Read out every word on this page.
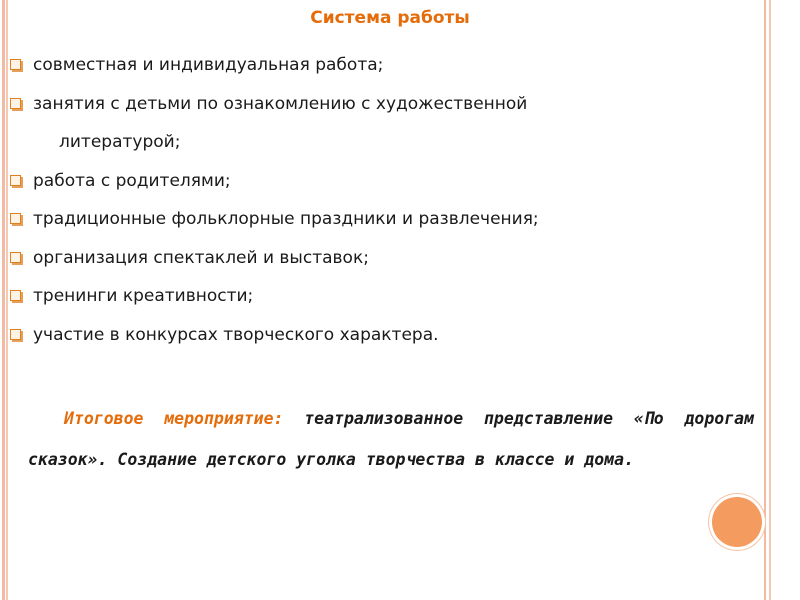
Система работы
совместная и индивидуальная работа;
занятия с детьми по ознакомлению с художественной
литературой;
работа с родителями;
традиционные фольклорные праздники и развлечения;
организация спектаклей и выставок;
тренинги креативности;
участие в конкурсах творческого характера.
Итоговое мероприятие: театрализованное представление «По дорогам сказок». Создание детского уголка творчества в классе и дома.
